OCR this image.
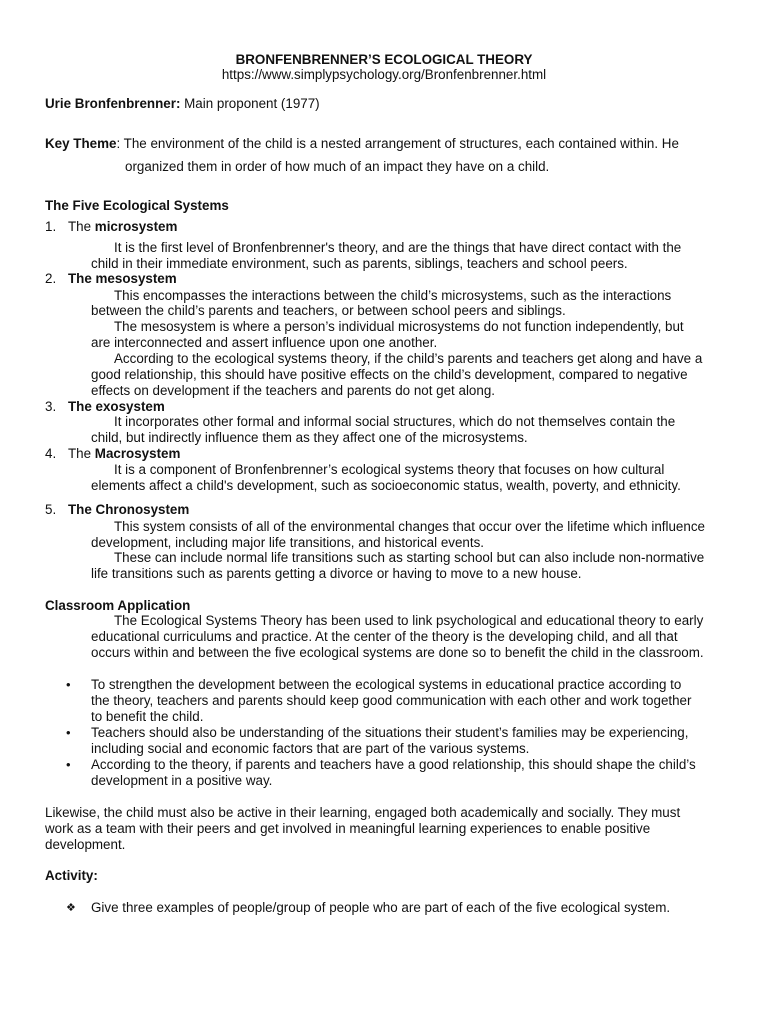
BRONFENBRENNER’S ECOLOGICAL THEORY
https://www.simplypsychology.org/Bronfenbrenner.html
Urie Bronfenbrenner: Main proponent (1977)
Key Theme: The environment of the child is a nested arrangement of structures, each contained within. He
organized them in order of how much of an impact they have on a child.
The Five Ecological Systems
1. The microsystem
It is the first level of Bronfenbrenner's theory, and are the things that have direct contact with the
child in their immediate environment, such as parents, siblings, teachers and school peers.
2. The mesosystem
This encompasses the interactions between the child’s microsystems, such as the interactions
between the child’s parents and teachers, or between school peers and siblings.
The mesosystem is where a person’s individual microsystems do not function independently, but
are interconnected and assert influence upon one another.
According to the ecological systems theory, if the child’s parents and teachers get along and have a
good relationship, this should have positive effects on the child’s development, compared to negative
effects on development if the teachers and parents do not get along.
3. The exosystem
It incorporates other formal and informal social structures, which do not themselves contain the
child, but indirectly influence them as they affect one of the microsystems.
4. The Macrosystem
It is a component of Bronfenbrenner’s ecological systems theory that focuses on how cultural
elements affect a child's development, such as socioeconomic status, wealth, poverty, and ethnicity.
5. The Chronosystem
This system consists of all of the environmental changes that occur over the lifetime which influence
development, including major life transitions, and historical events.
These can include normal life transitions such as starting school but can also include non-normative
life transitions such as parents getting a divorce or having to move to a new house.
Classroom Application
The Ecological Systems Theory has been used to link psychological and educational theory to early
educational curriculums and practice. At the center of the theory is the developing child, and all that
occurs within and between the five ecological systems are done so to benefit the child in the classroom.
• To strengthen the development between the ecological systems in educational practice according to
the theory, teachers and parents should keep good communication with each other and work together
to benefit the child.
• Teachers should also be understanding of the situations their student’s families may be experiencing,
including social and economic factors that are part of the various systems.
• According to the theory, if parents and teachers have a good relationship, this should shape the child’s
development in a positive way.
Likewise, the child must also be active in their learning, engaged both academically and socially. They must
work as a team with their peers and get involved in meaningful learning experiences to enable positive
development.
Activity:
❖ Give three examples of people/group of people who are part of each of the five ecological system.
